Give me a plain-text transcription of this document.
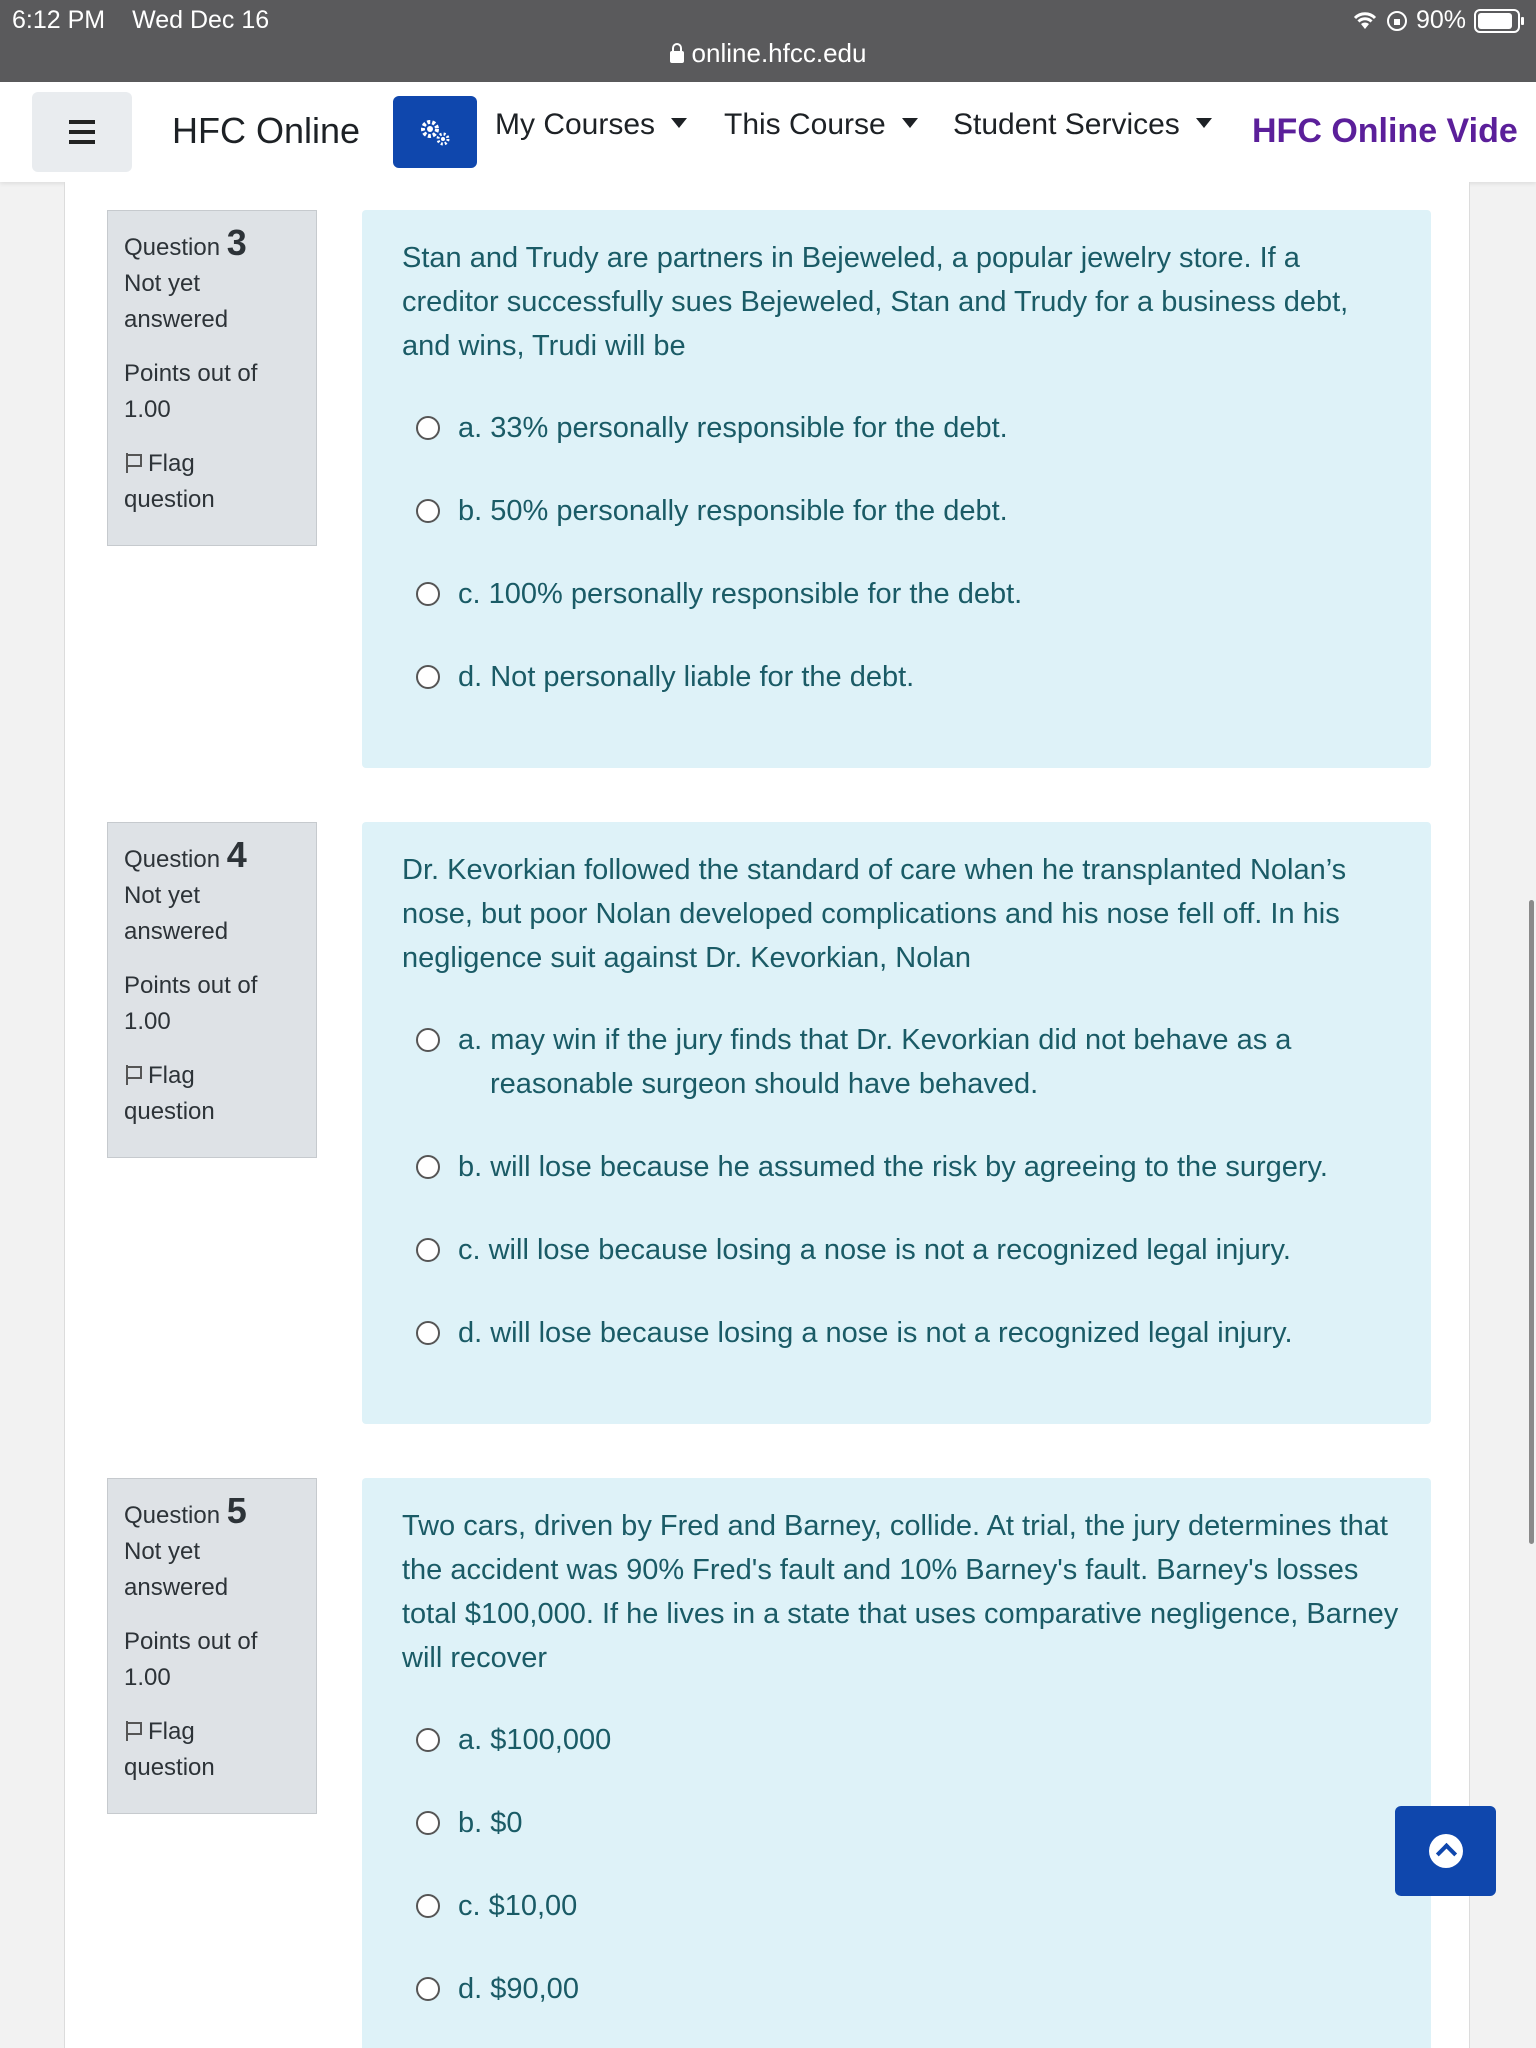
6:12 PM Wed Dec 16	90%
online.hfcc.edu
HFC Online	My Courses	This Course	Student Services	HFC Online Vide
Question 3
Not yet
answered
Points out of
1.00
Flag
question
Stan and Trudy are partners in Bejeweled, a popular jewelry store. If a creditor successfully sues Bejeweled, Stan and Trudy for a business debt, and wins, Trudi will be
a. 33% personally responsible for the debt.
b. 50% personally responsible for the debt.
c. 100% personally responsible for the debt.
d. Not personally liable for the debt.
Question 4
Not yet
answered
Points out of
1.00
Flag
question
Dr. Kevorkian followed the standard of care when he transplanted Nolan’s nose, but poor Nolan developed complications and his nose fell off. In his negligence suit against Dr. Kevorkian, Nolan
a. may win if the jury finds that Dr. Kevorkian did not behave as a
reasonable surgeon should have behaved.
b. will lose because he assumed the risk by agreeing to the surgery.
c. will lose because losing a nose is not a recognized legal injury.
d. will lose because losing a nose is not a recognized legal injury.
Question 5
Not yet
answered
Points out of
1.00
Flag
question
Two cars, driven by Fred and Barney, collide. At trial, the jury determines that the accident was 90% Fred's fault and 10% Barney's fault. Barney's losses total $100,000. If he lives in a state that uses comparative negligence, Barney will recover
a. $100,000
b. $0
c. $10,00
d. $90,00
